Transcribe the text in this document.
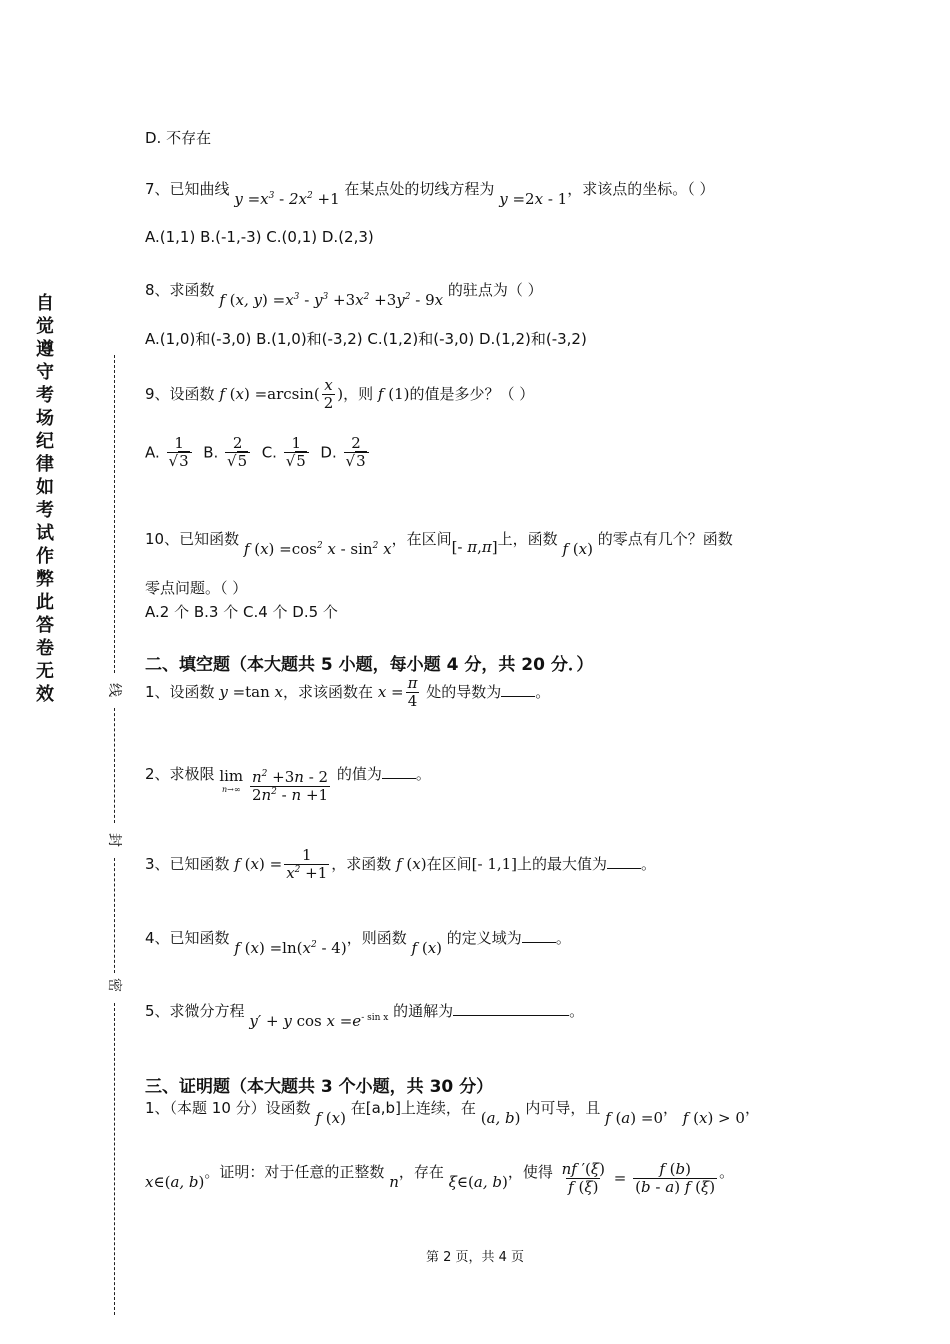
自觉遵守考场纪律如考试作弊此答卷无效	线
封
密
D. 不存在
7、已知曲线 $y =x^3 - 2x^2 +1$ 在某点处的切线方程为 y =2x - 1，求该点的坐标。（ ）
A.(1,1) B.(-1,-3) C.(0,1) D.(2,3)
8、求函数 f (x, $y) =x^3 - y^3 +3x^2 +3y^2 - 9x$ 的驻点为（ ）
A.(1,0)和(-3,0) B.(1,0)和(-3,2) C.(1,2)和(-3,0) D.(1,2)和(-3,2)
9、设函数 f $(x) =\arcsin( \frac{x}{2}$ )，则 f (1)的值是多少？（ ）
A. $\frac{1}{√3} B$. $\frac{2}{√5} C$. $\frac{1}{√5} D$. $\frac{2}{√3}$
10、已知函数 f $(x) =\cos^2$ x - $\sin^2 x$，在区间[- π,π]上，函数 f (x) 的零点有几个？函数
零点问题。（ ）
A.2 个 B.3 个 C.4 个 D.5 个
二、填空题（本大题共 5 小题，每小题 4 分，共 20 分．）
1、设函数 y =tan x，求该函数在 $x = \frac{\pi}{4}$ 处的导数为 。
2、求极限 lim
n→∞
$\frac{n^2 +3n - 2}{2n^2 - n +1}$ 的值为 。
3、已知函数 f $(x) = \frac{1}{x^2 +1}$ ，求函数 f (x)在区间[- 1,1]上的最大值为 。
4、已知函数 f $(x) =\ln(x^2 - 4)$，则函数 f (x) 的定义域为 。
5、求微分方程 y′ + y $\cos x =e^{- sin x}$ 的通解为	。
三、证明题（本大题共 3 个小题，共 30 分）
1、（本题 10 分）设函数 f (x) 在[a,b]上连续，在 (a, b) 内可导，且 f (a) =0， f (x) > 0，
x∈(a, b)。证明：对于任意的正整数 n，存在 ξ∈(a, b)，使得 $\frac{nf '(\xi)}{f (\xi)} = \frac{f (b)}{(b - a) f (\xi)}$ 。
第 2 页，共 4 页
